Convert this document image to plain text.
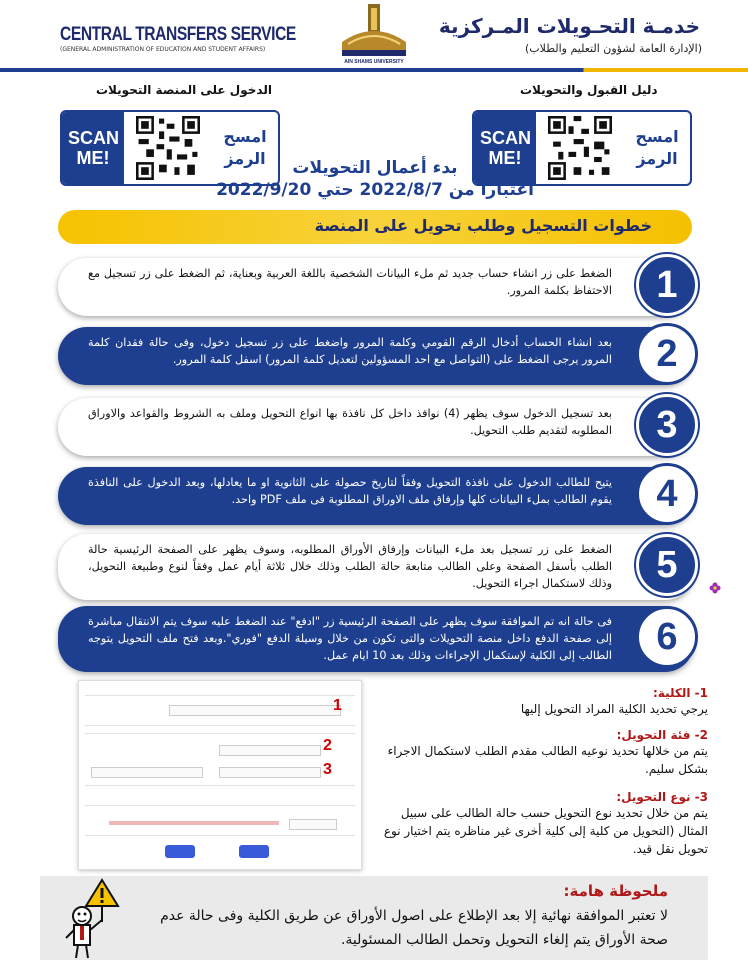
CENTRAL TRANSFERS SERVICE
(GENERAL ADMINISTRATION OF EDUCATION AND STUDENT AFFAIRS)
AIN SHAMS UNIVERSITY
خدمـة التحـويلات المـركزية
(الإدارة العامة لشؤون التعليم والطلاب)
الدخول على المنصة التحويلات
SCAN ME!
امسح الرمز
دليل القبول والتحويلات
SCAN ME!
امسح الرمز
بدء أعمال التحويلات
اعتباراً من 2022/8/7 حتي 2022/9/20
خطوات التسجيل وطلب تحويل على المنصة
الضغط على زر انشاء حساب جديد ثم ملء البيانات الشخصية باللغة العربية وبعناية، ثم الضغط على زر تسجيل مع الاحتفاظ بكلمة المرور.	1
بعد انشاء الحساب أدخال الرقم القومي وكلمة المرور واضغط على زر تسجيل دخول، وفى حالة فقدان كلمة المرور يرجى الضغط على (التواصل مع احد المسؤولين لتعديل كلمة المرور) اسفل كلمة المرور.	2
بعد تسجيل الدخول سوف يظهر (4) نوافذ داخل كل نافذة بها انواع التحويل وملف به الشروط والقواعد والاوراق المطلوبه لتقديم طلب التحويل.	3
يتيح للطالب الدخول على نافذة التحويل وفقاً لتاريخ حصولة على الثانوية او ما يعادلها، وبعد الدخول على النافذة يقوم الطالب بملء البيانات كلها وإرفاق ملف الاوراق المطلوبة فى ملف PDF واحد.	4
الضغط على زر تسجيل بعد ملء البيانات وإرفاق الأوراق المطلوبه، وسوف يظهر على الصفحة الرئيسية حالة الطلب بأسفل الصفحة وعلى الطالب متابعة حالة الطلب وذلك خلال ثلاثة أيام عمل وفقاً لنوع وطبيعة التحويل، وذلك لاستكمال اجراء التحويل.	5
فى حالة انه تم الموافقة سوف يظهر على الصفحة الرئيسية زر "ادفع" عند الضغط عليه سوف يتم الانتقال مباشرة إلى صفحة الدفع داخل منصة التحويلات والتى تكون من خلال وسيلة الدفع "فوري".وبعد فتح ملف التحويل يتوجه الطالب إلى الكلية لإستكمال الإجراءات وذلك بعد 10 ايام عمل.	6
1
2
3
1- الكلية:
يرجي تحديد الكلية المراد التحويل إليها
2- فئة التحويل:
يتم من خلالها تحديد نوعيه الطالب مقدم الطلب لاستكمال الاجراء بشكل سليم.
3- نوع التحويل:
يتم من خلال تحديد نوع التحويل حسب حالة الطالب على سبيل المثال (التحويل من كلية إلى كلية أخرى غير مناظره يتم اختيار نوع تحويل نقل قيد.
ملحوظة هامة:
لا تعتبر الموافقة نهائية إلا بعد الإطلاع على اصول الأوراق عن طريق الكلية وفى حالة عدم صحة الأوراق يتم إلغاء التحويل وتحمل الطالب المسئولية.
